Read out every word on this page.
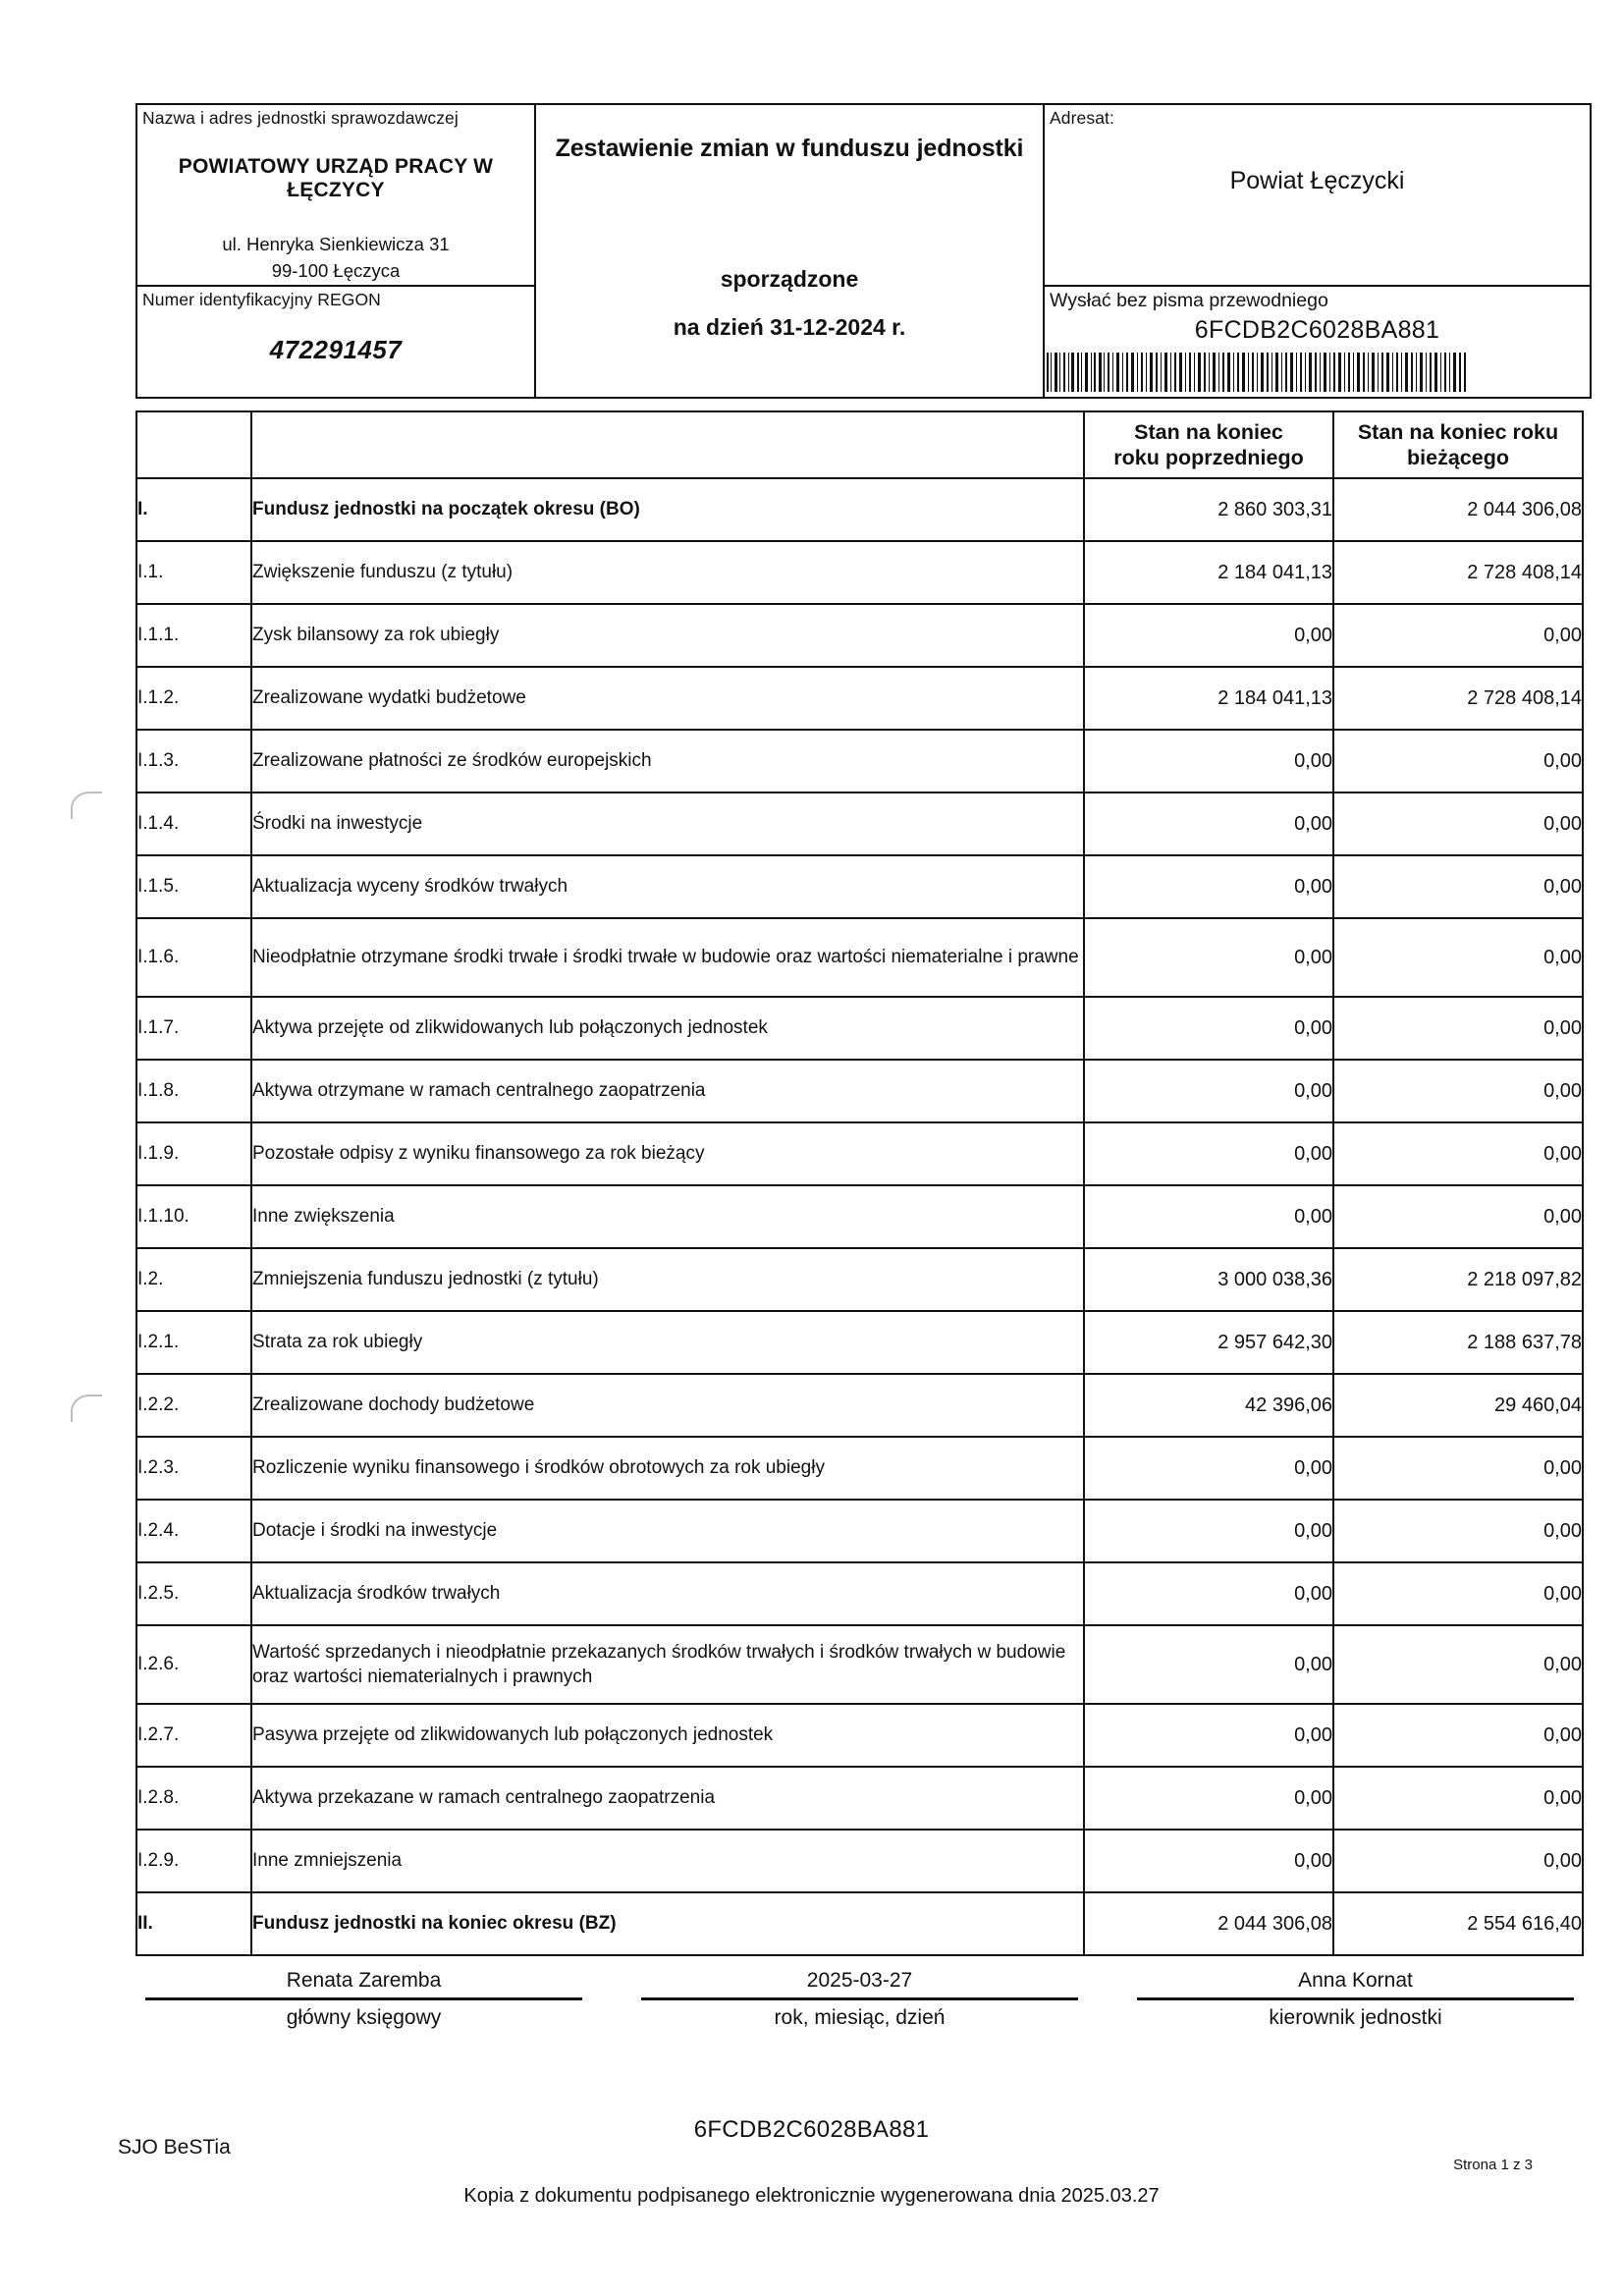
Nazwa i adres jednostki sprawozdawczej
POWIATOWY URZĄD PRACY W ŁĘCZYCY
ul. Henryka Sienkiewicza 31
99-100 Łęczyca

Zestawienie zmian w funduszu jednostki
sporządzone
na dzień 31-12-2024 r.

Adresat:
Powiat Łęczycki

Numer identyfikacyjny REGON
472291457

Wysłać bez pisma przewodniego
6FCDB2C6028BA881

Stan na koniec
roku poprzedniego

Stan na koniec roku
bieżącego

I.	Fundusz jednostki na początek okresu (BO)	2 860 303,31	2 044 306,08
I.1.	Zwiększenie funduszu (z tytułu)	2 184 041,13	2 728 408,14
I.1.1.	Zysk bilansowy za rok ubiegły	0,00	0,00
I.1.2.	Zrealizowane wydatki budżetowe	2 184 041,13	2 728 408,14
I.1.3.	Zrealizowane płatności ze środków europejskich	0,00	0,00
I.1.4.	Środki na inwestycje	0,00	0,00
I.1.5.	Aktualizacja wyceny środków trwałych	0,00	0,00
I.1.6.	Nieodpłatnie otrzymane środki trwałe i środki trwałe w budowie oraz wartości niematerialne i prawne	0,00	0,00
I.1.7.	Aktywa przejęte od zlikwidowanych lub połączonych jednostek	0,00	0,00
I.1.8.	Aktywa otrzymane w ramach centralnego zaopatrzenia	0,00	0,00
I.1.9.	Pozostałe odpisy z wyniku finansowego za rok bieżący	0,00	0,00
I.1.10.	Inne zwiększenia	0,00	0,00
I.2.	Zmniejszenia funduszu jednostki (z tytułu)	3 000 038,36	2 218 097,82
I.2.1.	Strata za rok ubiegły	2 957 642,30	2 188 637,78
I.2.2.	Zrealizowane dochody budżetowe	42 396,06	29 460,04
I.2.3.	Rozliczenie wyniku finansowego i środków obrotowych za rok ubiegły	0,00	0,00
I.2.4.	Dotacje i środki na inwestycje	0,00	0,00
I.2.5.	Aktualizacja środków trwałych	0,00	0,00
I.2.6.	Wartość sprzedanych i nieodpłatnie przekazanych środków trwałych i środków trwałych w budowie oraz wartości niematerialnych i prawnych	0,00	0,00
I.2.7.	Pasywa przejęte od zlikwidowanych lub połączonych jednostek	0,00	0,00
I.2.8.	Aktywa przekazane w ramach centralnego zaopatrzenia	0,00	0,00
I.2.9.	Inne zmniejszenia	0,00	0,00
II.	Fundusz jednostki na koniec okresu (BZ)	2 044 306,08	2 554 616,40
Renata Zaremba
główny księgowy
2025-03-27
rok, miesiąc, dzień
Anna Kornat
kierownik jednostki
SJO BeSTia
6FCDB2C6028BA881
Kopia z dokumentu podpisanego elektronicznie wygenerowana dnia 2025.03.27
Strona 1 z 3
